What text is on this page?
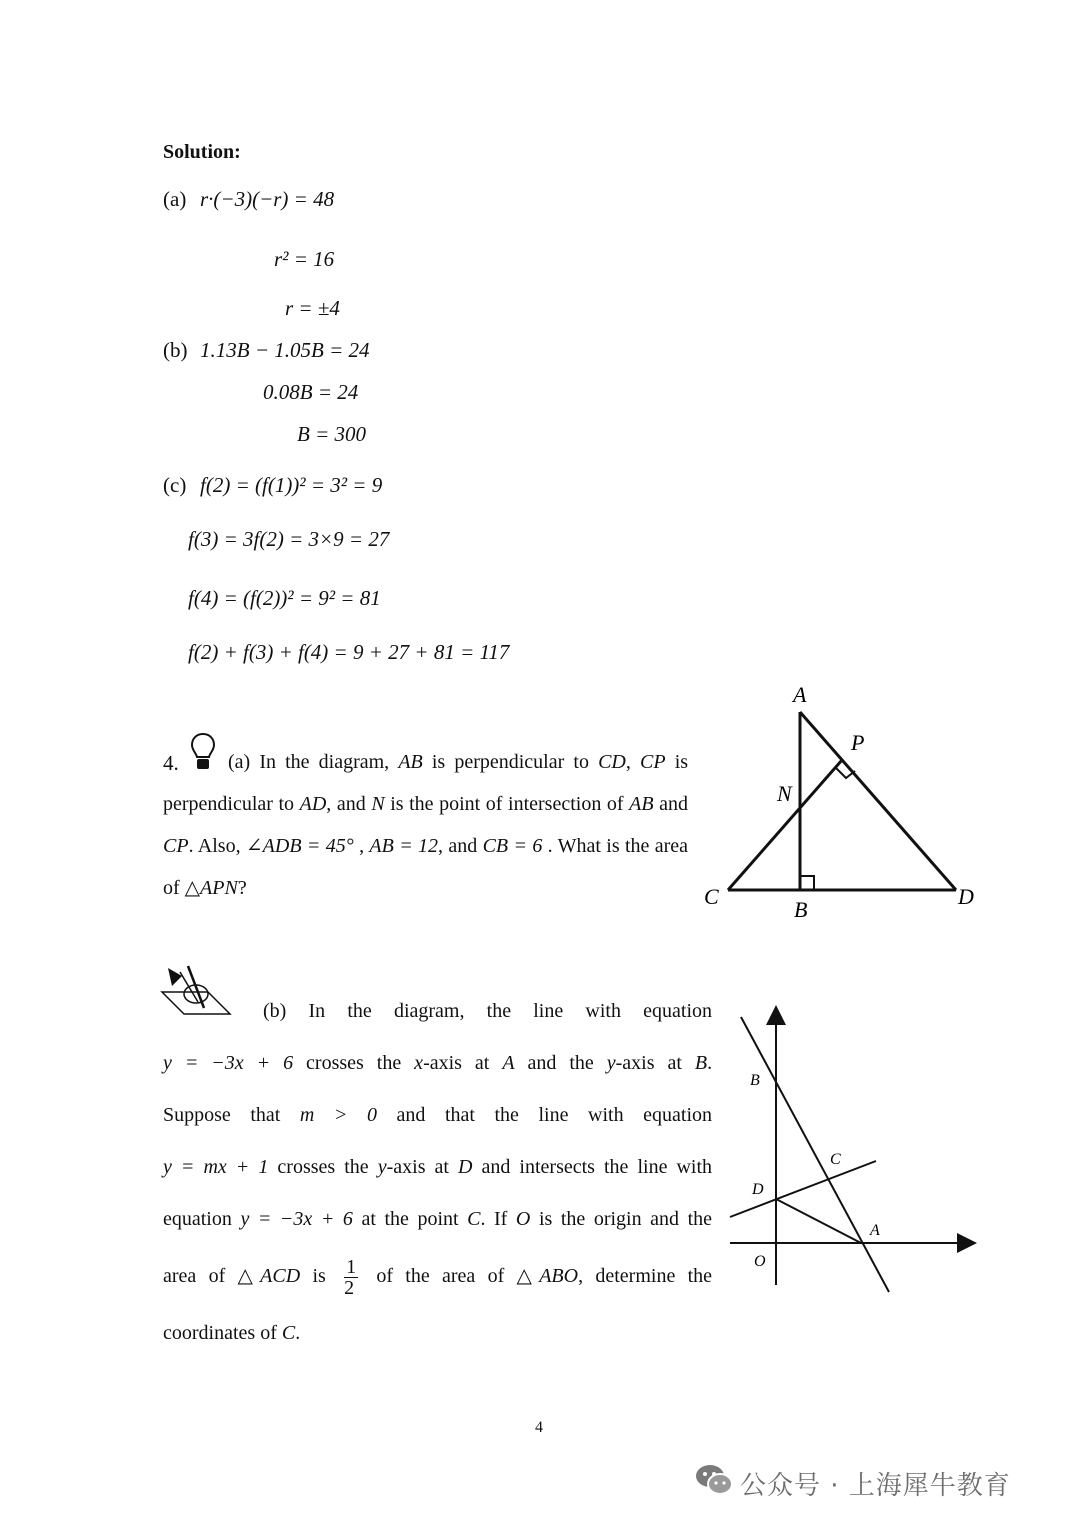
Solution:
(a) r·(−3)(−r) = 48
r² = 16
r = ±4
(b) 1.13B − 1.05B = 24
0.08B = 24
B = 300
(c) f(2) = (f(1))² = 3² = 9
f(3) = 3f(2) = 3×9 = 27
f(4) = (f(2))² = 9² = 81
f(2) + f(3) + f(4) = 9 + 27 + 81 = 117
4.	(a) In the diagram, AB is perpendicular to CD, CP is perpendicular to AD, and N is the point of intersection of AB and CP. Also, ∠ADB = 45° , AB = 12, and CB = 6 . What is the area of △APN?
A
P
N
C
B
D
(b) In the diagram, the line with equation
y = −3x + 6 crosses the x-axis at A and the y-axis at B.
Suppose that m > 0 and that the line with equation
y = mx + 1 crosses the y-axis at D and intersects the line with
equation y = −3x + 6 at the point C. If O is the origin and the
area of △ACD is $\frac{1}{2}$ of the area of △ABO, determine the
coordinates of C.
B
C
D
A
O
4
公众号 · 上海犀牛教育
